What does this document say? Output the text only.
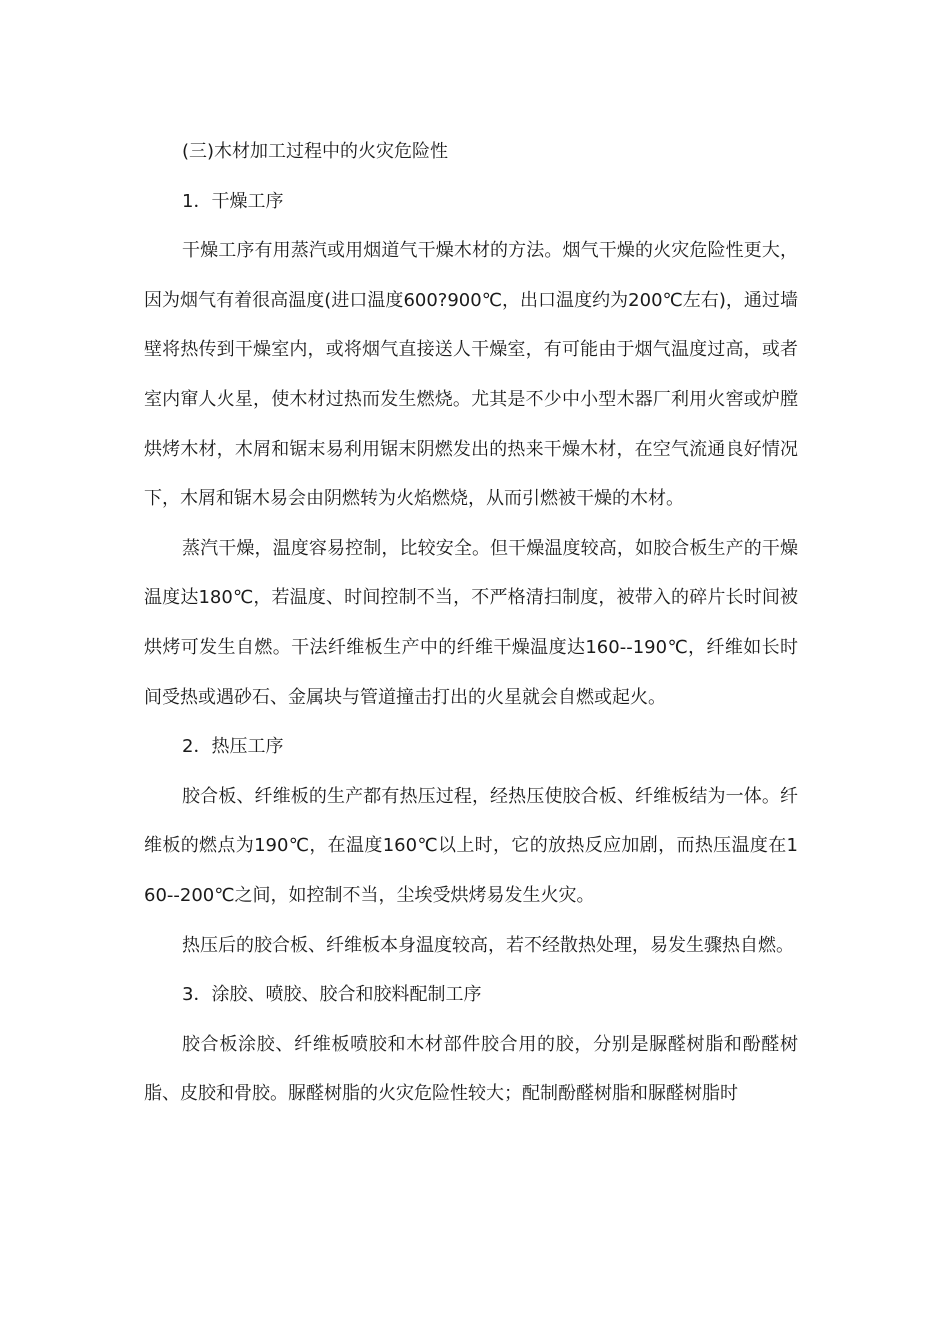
(三)木材加工过程中的火灾危险性

1．干燥工序

干燥工序有用蒸汽或用烟道气干燥木材的方法。烟气干燥的火灾危险性更大，因为烟气有着很高温度(进口温度600?900℃，出口温度约为200℃左右)，通过墙壁将热传到干燥室内，或将烟气直接送人干燥室，有可能由于烟气温度过高，或者室内窜人火星，使木材过热而发生燃烧。尤其是不少中小型木器厂利用火窖或炉膛烘烤木材，木屑和锯末易利用锯末阴燃发出的热来干燥木材，在空气流通良好情况下，木屑和锯木易会由阴燃转为火焰燃烧，从而引燃被干燥的木材。

蒸汽干燥，温度容易控制，比较安全。但干燥温度较高，如胶合板生产的干燥温度达180℃，若温度、时间控制不当，不严格清扫制度，被带入的碎片长时间被烘烤可发生自燃。干法纤维板生产中的纤维干燥温度达160--190℃，纤维如长时间受热或遇砂石、金属块与管道撞击打出的火星就会自燃或起火。

2．热压工序

胶合板、纤维板的生产都有热压过程，经热压使胶合板、纤维板结为一体。纤维板的燃点为190℃，在温度160℃以上时，它的放热反应加剧，而热压温度在160--200℃之间，如控制不当，尘埃受烘烤易发生火灾。

热压后的胶合板、纤维板本身温度较高，若不经散热处理，易发生骤热自燃。

3．涂胶、喷胶、胶合和胶料配制工序

胶合板涂胶、纤维板喷胶和木材部件胶合用的胶，分别是脲醛树脂和酚醛树脂、皮胶和骨胶。脲醛树脂的火灾危险性较大；配制酚醛树脂和脲醛树脂时
